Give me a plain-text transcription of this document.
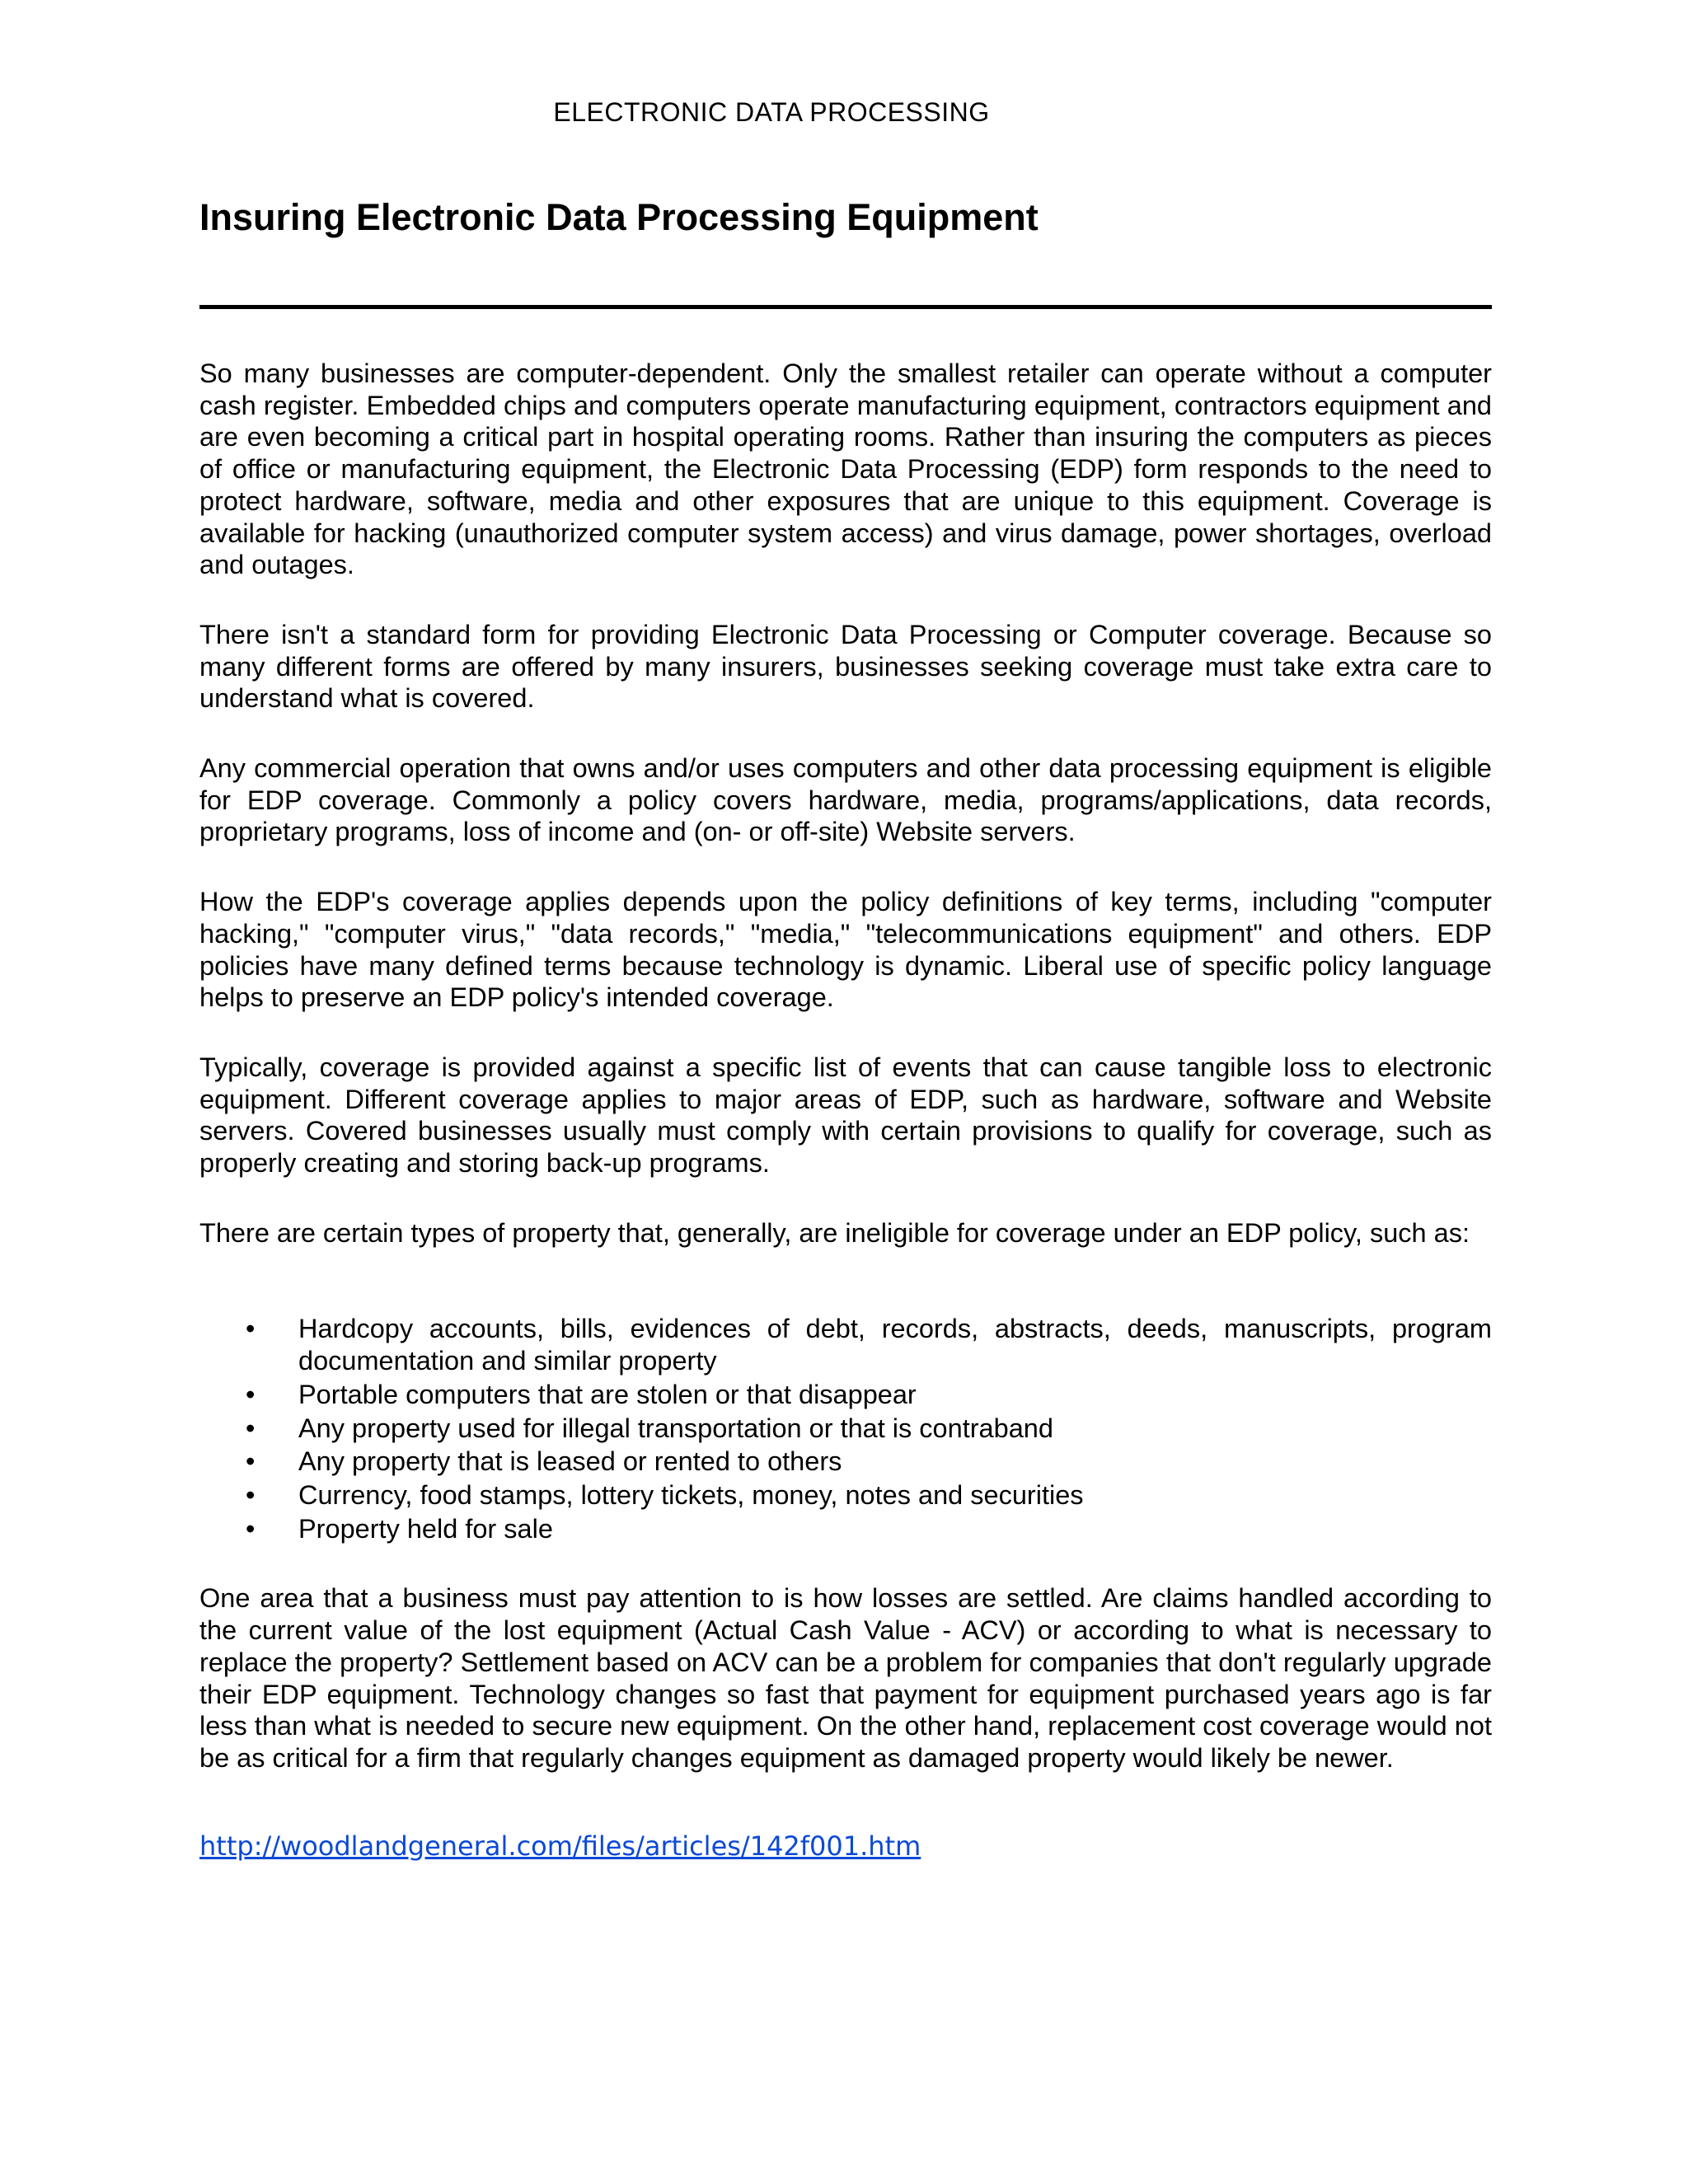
ELECTRONIC DATA PROCESSING
Insuring Electronic Data Processing Equipment

So many businesses are computer-dependent. Only the smallest retailer can operate without a computer cash register. Embedded chips and computers operate manufacturing equipment, contractors equipment and are even becoming a critical part in hospital operating rooms. Rather than insuring the computers as pieces of office or manufacturing equipment, the Electronic Data Processing (EDP) form responds to the need to protect hardware, software, media and other exposures that are unique to this equipment. Coverage is available for hacking (unauthorized computer system access) and virus damage, power shortages, overload and outages.

There isn't a standard form for providing Electronic Data Processing or Computer coverage. Because so many different forms are offered by many insurers, businesses seeking coverage must take extra care to understand what is covered.

Any commercial operation that owns and/or uses computers and other data processing equipment is eligible for EDP coverage. Commonly a policy covers hardware, media, programs/applications, data records, proprietary programs, loss of income and (on- or off-site) Website servers.

How the EDP's coverage applies depends upon the policy definitions of key terms, including "computer hacking," "computer virus," "data records," "media," "telecommunications equipment" and others. EDP policies have many defined terms because technology is dynamic. Liberal use of specific policy language helps to preserve an EDP policy's intended coverage.

Typically, coverage is provided against a specific list of events that can cause tangible loss to electronic equipment. Different coverage applies to major areas of EDP, such as hardware, software and Website servers. Covered businesses usually must comply with certain provisions to qualify for coverage, such as properly creating and storing back-up programs.

There are certain types of property that, generally, are ineligible for coverage under an EDP policy, such as:

• Hardcopy accounts, bills, evidences of debt, records, abstracts, deeds, manuscripts, program documentation and similar property
• Portable computers that are stolen or that disappear
• Any property used for illegal transportation or that is contraband
• Any property that is leased or rented to others
• Currency, food stamps, lottery tickets, money, notes and securities
• Property held for sale

One area that a business must pay attention to is how losses are settled. Are claims handled according to the current value of the lost equipment (Actual Cash Value - ACV) or according to what is necessary to replace the property? Settlement based on ACV can be a problem for companies that don't regularly upgrade their EDP equipment. Technology changes so fast that payment for equipment purchased years ago is far less than what is needed to secure new equipment. On the other hand, replacement cost coverage would not be as critical for a firm that regularly changes equipment as damaged property would likely be newer.

http://woodlandgeneral.com/files/articles/142f001.htm
